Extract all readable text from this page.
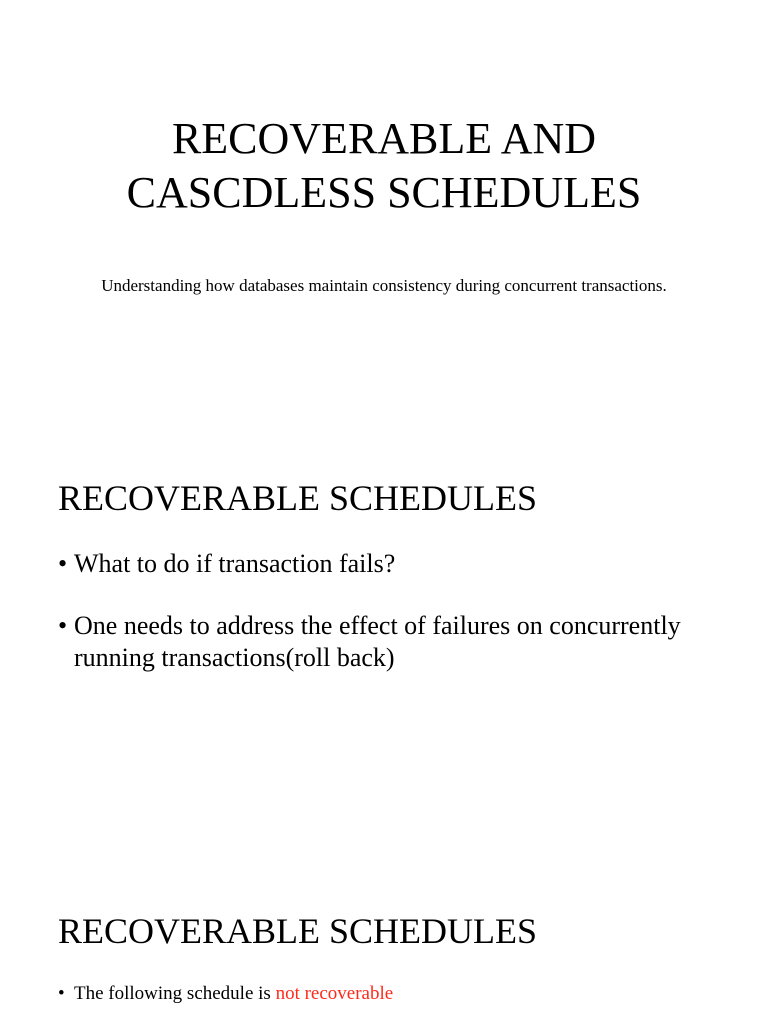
RECOVERABLE AND
CASCDLESS SCHEDULES

Understanding how databases maintain consistency during concurrent transactions.

RECOVERABLE SCHEDULES
• What to do if transaction fails?
• One needs to address the effect of failures on concurrently running transactions(roll back)
RECOVERABLE SCHEDULES
• The following schedule is not recoverable
